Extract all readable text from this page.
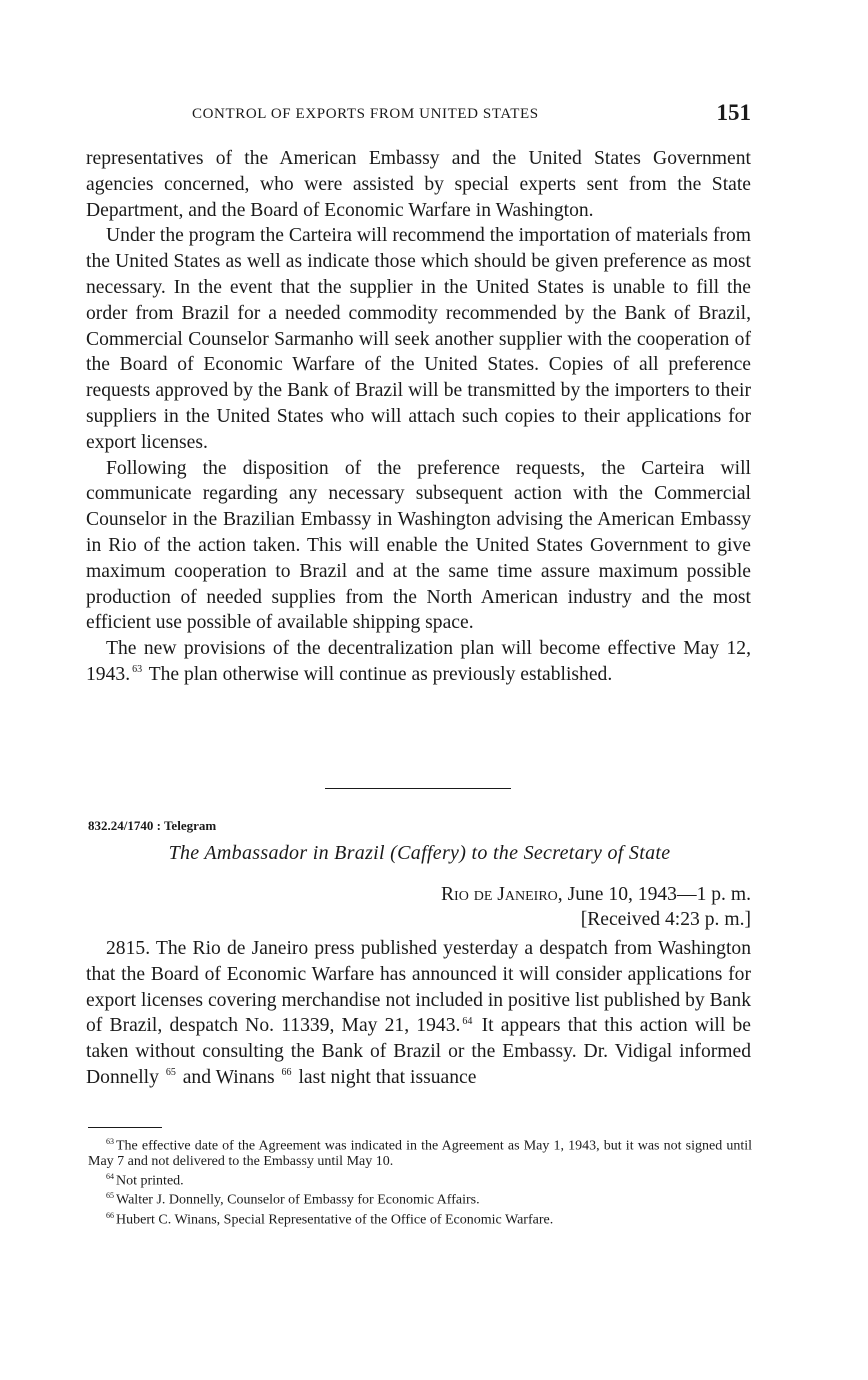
CONTROL OF EXPORTS FROM UNITED STATES	151

representatives of the American Embassy and the United States Government agencies concerned, who were assisted by special experts sent from the State Department, and the Board of Economic Warfare in Washington.

Under the program the Carteira will recommend the importation of materials from the United States as well as indicate those which should be given preference as most necessary. In the event that the supplier in the United States is unable to fill the order from Brazil for a needed commodity recommended by the Bank of Brazil, Commercial Counselor Sarmanho will seek another supplier with the cooperation of the Board of Economic Warfare of the United States. Copies of all preference requests approved by the Bank of Brazil will be transmitted by the importers to their suppliers in the United States who will attach such copies to their applications for export licenses.

Following the disposition of the preference requests, the Carteira will communicate regarding any necessary subsequent action with the Commercial Counselor in the Brazilian Embassy in Washington advising the American Embassy in Rio of the action taken. This will enable the United States Government to give maximum cooperation to Brazil and at the same time assure maximum possible production of needed supplies from the North American industry and the most efficient use possible of available shipping space.

The new provisions of the decentralization plan will become effective May 12, 1943. $^{63}$ The plan otherwise will continue as previously established.

832.24/1740 : Telegram
The Ambassador in Brazil (Caffery) to the Secretary of State
Rio de Janeiro, June 10, 1943—1 p. m.
[Received 4:23 p. m.]

2815. The Rio de Janeiro press published yesterday a despatch from Washington that the Board of Economic Warfare has announced it will consider applications for export licenses covering merchandise not included in positive list published by Bank of Brazil, despatch No. 11339, May 21, 1943. $^{64}$ It appears that this action will be taken without consulting the Bank of Brazil or the Embassy. Dr. Vidigal informed Donnelly $^{65}$ and Winans $^{66}$ last night that issuance

$^{63}$ The effective date of the Agreement was indicated in the Agreement as May 1, 1943, but it was not signed until May 7 and not delivered to the Embassy until May 10.

$^{64}$ Not printed.

$^{65}$ Walter J. Donnelly, Counselor of Embassy for Economic Affairs.

$^{66}$ Hubert C. Winans, Special Representative of the Office of Economic Warfare.
